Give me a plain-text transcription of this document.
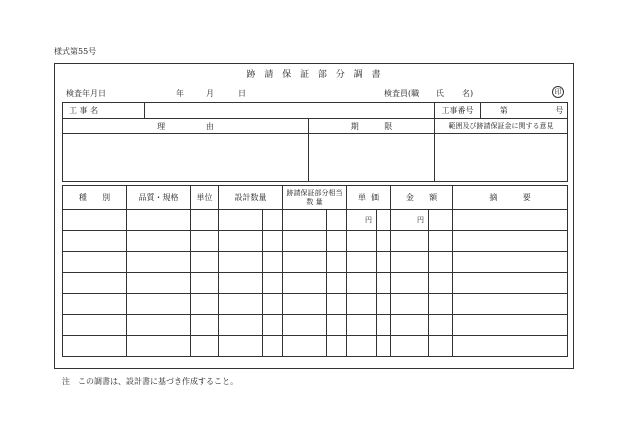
様式第55号
跡 請 保 証 部 分 調 書
検査年月日	年	月	日	検査員(職 氏 名)	印
工 事 名			工事番号	第 号
理                由		期          限	範囲及び跡請保証金に関する意見	

種      別	品質・規格	単位	設計数量		跡請保証部分相当 数 量		単  価		金      額		摘          要
							円		円		

注　この調書は、設計書に基づき作成すること。
